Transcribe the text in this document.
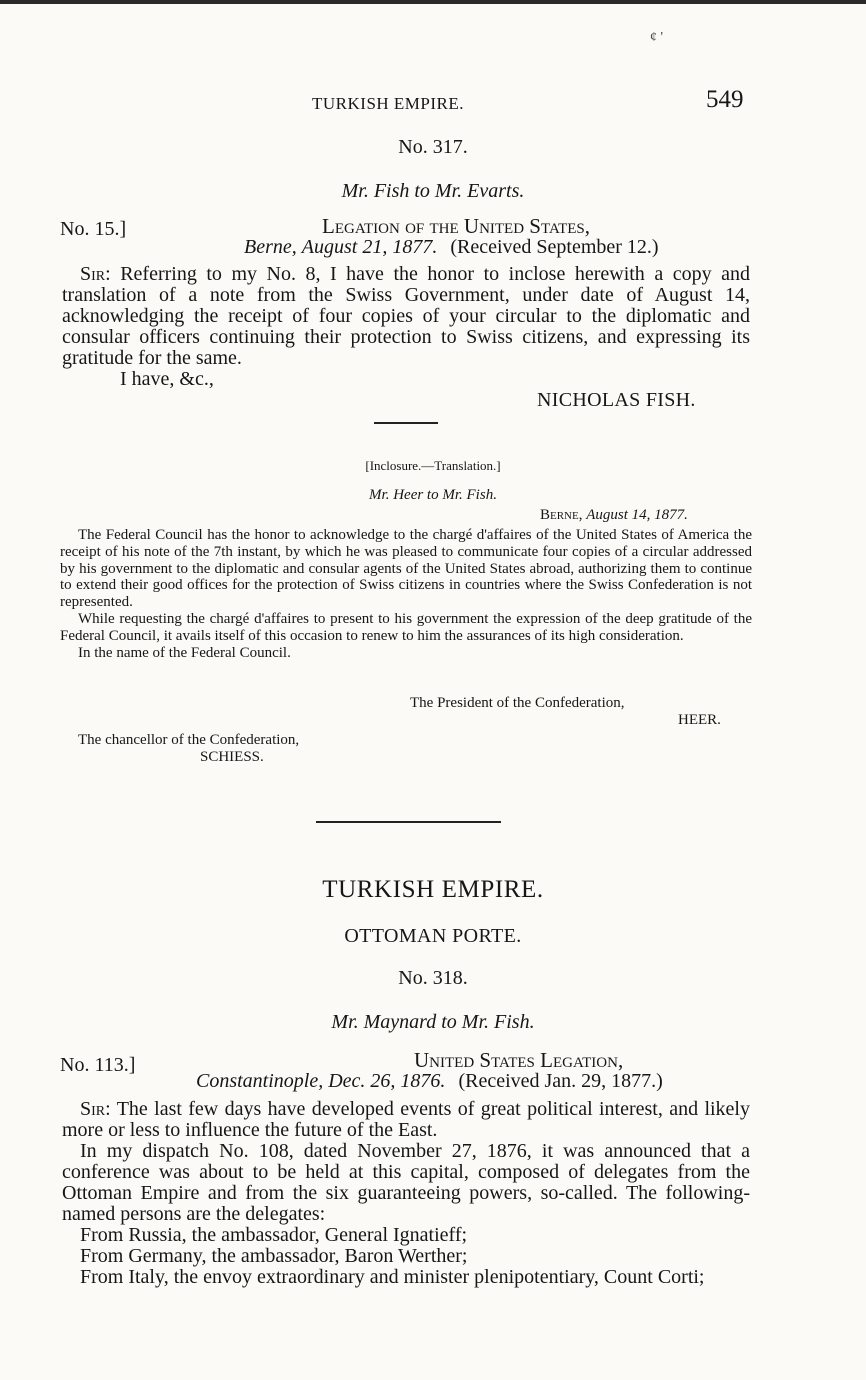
¢ '
TURKISH EMPIRE.	549
No. 317.
Mr. Fish to Mr. Evarts.
No. 15.]	Legation of the United States,
Berne, August 21, 1877. (Received September 12.)

Sir: Referring to my No. 8, I have the honor to inclose herewith a copy and translation of a note from the Swiss Government, under date of August 14, acknowledging the receipt of four copies of your circular to the diplomatic and consular officers continuing their protection to Swiss citizens, and expressing its gratitude for the same.

I have, &c.,

NICHOLAS FISH.
[Inclosure.—Translation.]
Mr. Heer to Mr. Fish.
Berne, August 14, 1877.

The Federal Council has the honor to acknowledge to the chargé d'affaires of the United States of America the receipt of his note of the 7th instant, by which he was pleased to communicate four copies of a circular addressed by his government to the diplomatic and consular agents of the United States abroad, authorizing them to continue to extend their good offices for the protection of Swiss citizens in countries where the Swiss Confederation is not represented.

While requesting the chargé d'affaires to present to his government the expression of the deep gratitude of the Federal Council, it avails itself of this occasion to renew to him the assurances of its high consideration.

In the name of the Federal Council.

The President of the Confederation,
HEER.
The chancellor of the Confederation,
SCHIESS.
TURKISH EMPIRE.
OTTOMAN PORTE.
No. 318.
Mr. Maynard to Mr. Fish.
No. 113.]	United States Legation,
Constantinople, Dec. 26, 1876. (Received Jan. 29, 1877.)

Sir: The last few days have developed events of great political interest, and likely more or less to influence the future of the East.

In my dispatch No. 108, dated November 27, 1876, it was announced that a conference was about to be held at this capital, composed of delegates from the Ottoman Empire and from the six guaranteeing powers, so-called. The following-named persons are the delegates:

From Russia, the ambassador, General Ignatieff;

From Germany, the ambassador, Baron Werther;

From Italy, the envoy extraordinary and minister plenipotentiary, Count Corti;
